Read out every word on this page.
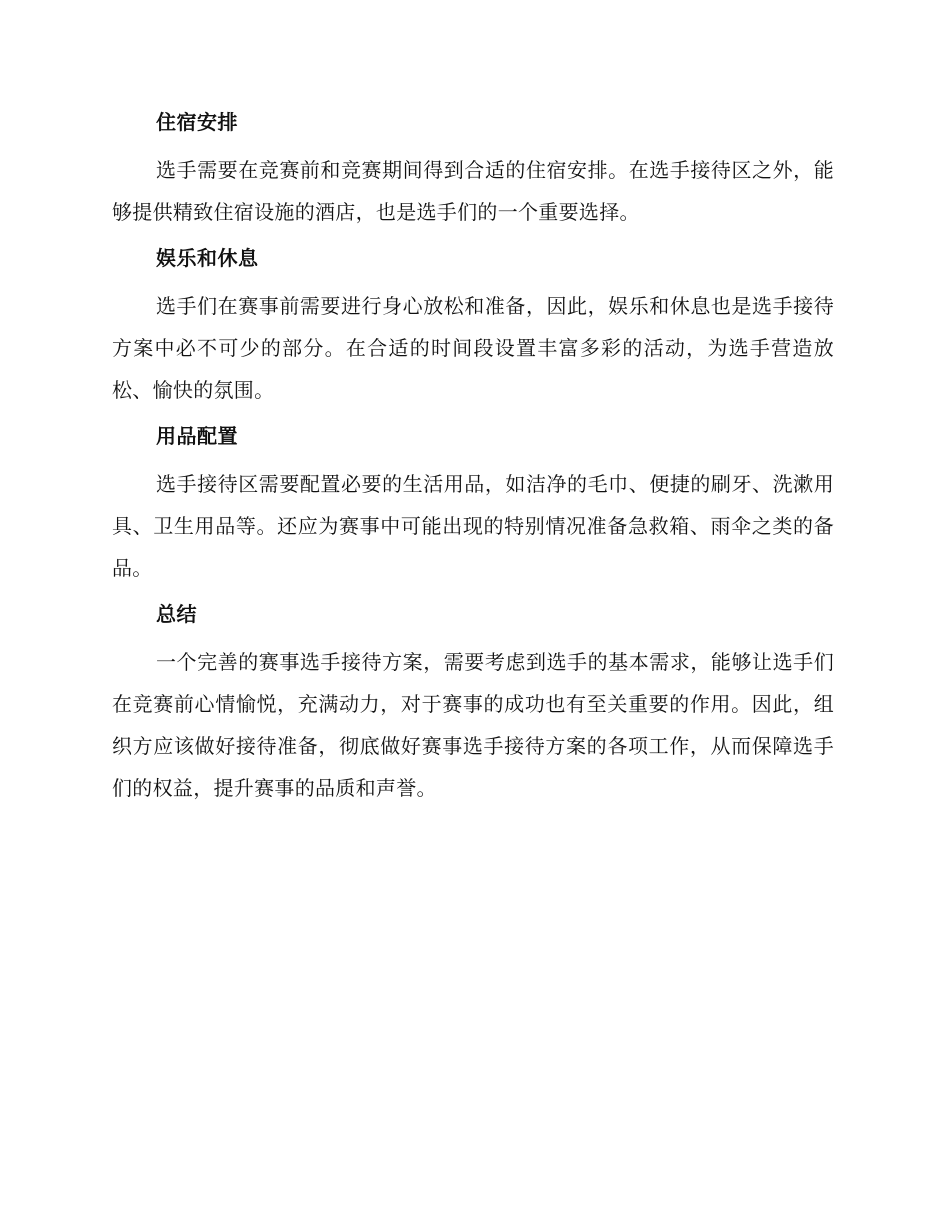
住宿安排

选手需要在竞赛前和竞赛期间得到合适的住宿安排。在选手接待区之外，能够提供精致住宿设施的酒店，也是选手们的一个重要选择。

娱乐和休息

选手们在赛事前需要进行身心放松和准备，因此，娱乐和休息也是选手接待方案中必不可少的部分。在合适的时间段设置丰富多彩的活动，为选手营造放松、愉快的氛围。

用品配置

选手接待区需要配置必要的生活用品，如洁净的毛巾、便捷的刷牙、洗漱用具、卫生用品等。还应为赛事中可能出现的特别情况准备急救箱、雨伞之类的备品。

总结

一个完善的赛事选手接待方案，需要考虑到选手的基本需求，能够让选手们在竞赛前心情愉悦，充满动力，对于赛事的成功也有至关重要的作用。因此，组织方应该做好接待准备，彻底做好赛事选手接待方案的各项工作，从而保障选手们的权益，提升赛事的品质和声誉。
